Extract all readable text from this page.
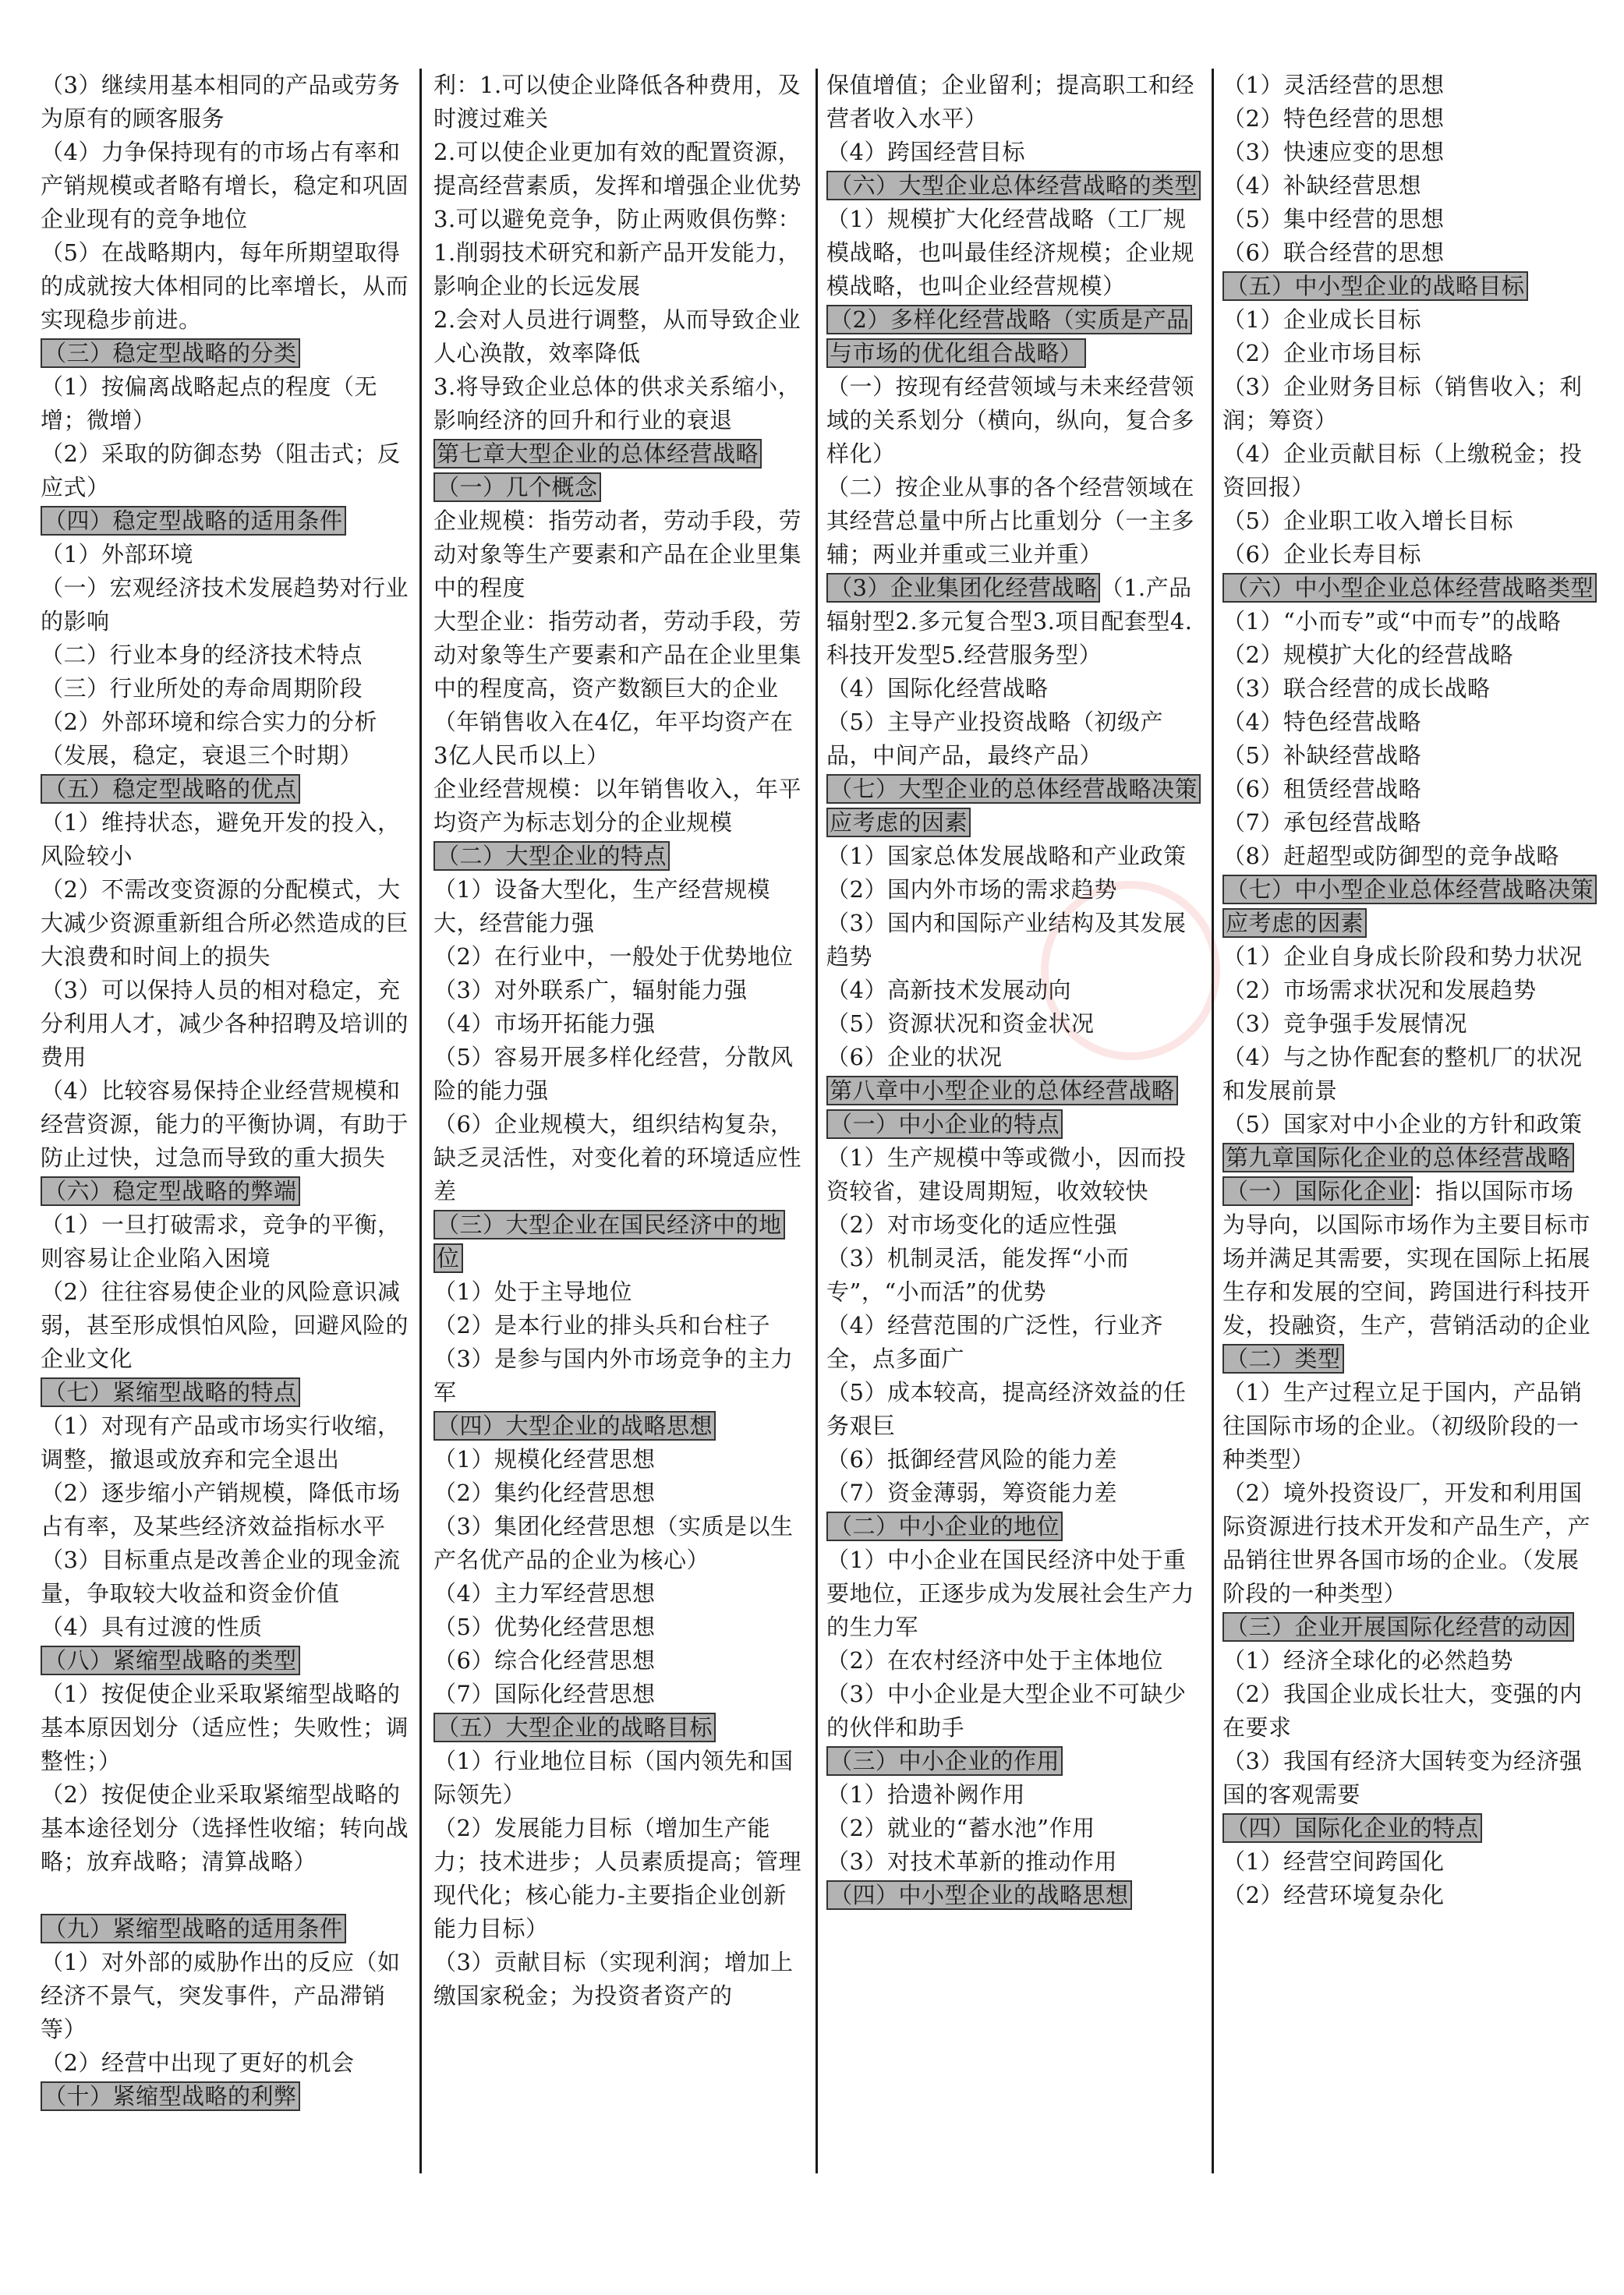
（3）继续用基本相同的产品或劳务为原有的顾客服务
（4）力争保持现有的市场占有率和产销规模或者略有增长，稳定和巩固企业现有的竞争地位
（5）在战略期内，每年所期望取得的成就按大体相同的比率增长，从而实现稳步前进。
（三）稳定型战略的分类
（1）按偏离战略起点的程度（无增；微增）
（2）采取的防御态势（阻击式；反应式）
（四）稳定型战略的适用条件
（1）外部环境
（一）宏观经济技术发展趋势对行业的影响
（二）行业本身的经济技术特点
（三）行业所处的寿命周期阶段
（2）外部环境和综合实力的分析（发展，稳定，衰退三个时期）
（五）稳定型战略的优点
（1）维持状态，避免开发的投入，风险较小
（2）不需改变资源的分配模式，大大减少资源重新组合所必然造成的巨大浪费和时间上的损失
（3）可以保持人员的相对稳定，充分利用人才，减少各种招聘及培训的费用
（4）比较容易保持企业经营规模和经营资源，能力的平衡协调，有助于防止过快，过急而导致的重大损失
（六）稳定型战略的弊端
（1）一旦打破需求，竞争的平衡，则容易让企业陷入困境
（2）往往容易使企业的风险意识减弱，甚至形成惧怕风险，回避风险的企业文化
（七）紧缩型战略的特点
（1）对现有产品或市场实行收缩，调整，撤退或放弃和完全退出
（2）逐步缩小产销规模，降低市场占有率，及某些经济效益指标水平
（3）目标重点是改善企业的现金流量，争取较大收益和资金价值
（4）具有过渡的性质
（八）紧缩型战略的类型
（1）按促使企业采取紧缩型战略的基本原因划分（适应性；失败性；调整性；）
（2）按促使企业采取紧缩型战略的基本途径划分（选择性收缩；转向战略；放弃战略；清算战略）
（九）紧缩型战略的适用条件
（1）对外部的威胁作出的反应（如经济不景气，突发事件，产品滞销等）
（2）经营中出现了更好的机会
（十）紧缩型战略的利弊
利：1.可以使企业降低各种费用，及时渡过难关
2.可以使企业更加有效的配置资源，提高经营素质，发挥和增强企业优势
3.可以避免竞争，防止两败俱伤弊：1.削弱技术研究和新产品开发能力，影响企业的长远发展
2.会对人员进行调整，从而导致企业人心涣散，效率降低
3.将导致企业总体的供求关系缩小，影响经济的回升和行业的衰退
第七章大型企业的总体经营战略
（一）几个概念
企业规模：指劳动者，劳动手段，劳动对象等生产要素和产品在企业里集中的程度
大型企业：指劳动者，劳动手段，劳动对象等生产要素和产品在企业里集中的程度高，资产数额巨大的企业（年销售收入在4亿，年平均资产在3亿人民币以上）
企业经营规模：以年销售收入，年平均资产为标志划分的企业规模
（二）大型企业的特点
（1）设备大型化，生产经营规模大，经营能力强
（2）在行业中，一般处于优势地位
（3）对外联系广，辐射能力强
（4）市场开拓能力强
（5）容易开展多样化经营，分散风险的能力强
（6）企业规模大，组织结构复杂，缺乏灵活性，对变化着的环境适应性差
（三）大型企业在国民经济中的地位
（1）处于主导地位
（2）是本行业的排头兵和台柱子
（3）是参与国内外市场竞争的主力军
（四）大型企业的战略思想
（1）规模化经营思想
（2）集约化经营思想
（3）集团化经营思想（实质是以生产名优产品的企业为核心）
（4）主力军经营思想
（5）优势化经营思想
（6）综合化经营思想
（7）国际化经营思想
（五）大型企业的战略目标
（1）行业地位目标（国内领先和国际领先）
（2）发展能力目标（增加生产能力；技术进步；人员素质提高；管理现代化；核心能力-主要指企业创新能力目标）
（3）贡献目标（实现利润；增加上缴国家税金；为投资者资产的
保值增值；企业留利；提高职工和经营者收入水平）
（4）跨国经营目标
（六）大型企业总体经营战略的类型
（1）规模扩大化经营战略（工厂规模战略，也叫最佳经济规模；企业规模战略，也叫企业经营规模）
（2）多样化经营战略（实质是产品与市场的优化组合战略）
（一）按现有经营领域与未来经营领域的关系划分（横向，纵向，复合多样化）
（二）按企业从事的各个经营领域在其经营总量中所占比重划分（一主多辅；两业并重或三业并重）
（3）企业集团化经营战略 （1.产品辐射型2.多元复合型3.项目配套型4.科技开发型5.经营服务型）
（4）国际化经营战略
（5）主导产业投资战略（初级产品，中间产品，最终产品）
（七）大型企业的总体经营战略决策应考虑的因素
（1）国家总体发展战略和产业政策
（2）国内外市场的需求趋势
（3）国内和国际产业结构及其发展趋势
（4）高新技术发展动向
（5）资源状况和资金状况
（6）企业的状况
第八章中小型企业的总体经营战略
（一）中小企业的特点
（1）生产规模中等或微小，因而投资较省，建设周期短，收效较快
（2）对市场变化的适应性强
（3）机制灵活，能发挥“小而专”，“小而活”的优势
（4）经营范围的广泛性，行业齐全，点多面广
（5）成本较高，提高经济效益的任务艰巨
（6）抵御经营风险的能力差
（7）资金薄弱，筹资能力差
（二）中小企业的地位
（1）中小企业在国民经济中处于重要地位，正逐步成为发展社会生产力的生力军
（2）在农村经济中处于主体地位
（3）中小企业是大型企业不可缺少的伙伴和助手
（三）中小企业的作用
（1）拾遗补阙作用
（2）就业的“蓄水池”作用
（3）对技术革新的推动作用
（四）中小型企业的战略思想
（1）灵活经营的思想
（2）特色经营的思想
（3）快速应变的思想
（4）补缺经营思想
（5）集中经营的思想
（6）联合经营的思想
（五）中小型企业的战略目标
（1）企业成长目标
（2）企业市场目标
（3）企业财务目标（销售收入；利润；筹资）
（4）企业贡献目标（上缴税金；投资回报）
（5）企业职工收入增长目标
（6）企业长寿目标
（六）中小型企业总体经营战略类型
（1）“小而专”或“中而专”的战略
（2）规模扩大化的经营战略
（3）联合经营的成长战略
（4）特色经营战略
（5）补缺经营战略
（6）租赁经营战略
（7）承包经营战略
（8）赶超型或防御型的竞争战略
（七）中小型企业总体经营战略决策应考虑的因素
（1）企业自身成长阶段和势力状况
（2）市场需求状况和发展趋势
（3）竞争强手发展情况
（4）与之协作配套的整机厂的状况和发展前景
（5）国家对中小企业的方针和政策
第九章国际化企业的总体经营战略
（一）国际化企业 ：指以国际市场为导向，以国际市场作为主要目标市场并满足其需要，实现在国际上拓展生存和发展的空间，跨国进行科技开发，投融资，生产，营销活动的企业
（二）类型
（1）生产过程立足于国内，产品销往国际市场的企业。（初级阶段的一种类型）
（2）境外投资设厂，开发和利用国际资源进行技术开发和产品生产，产品销往世界各国市场的企业。（发展阶段的一种类型）
（三）企业开展国际化经营的动因
（1）经济全球化的必然趋势
（2）我国企业成长壮大，变强的内在要求
（3）我国有经济大国转变为经济强国的客观需要
（四）国际化企业的特点
（1）经营空间跨国化
（2）经营环境复杂化
